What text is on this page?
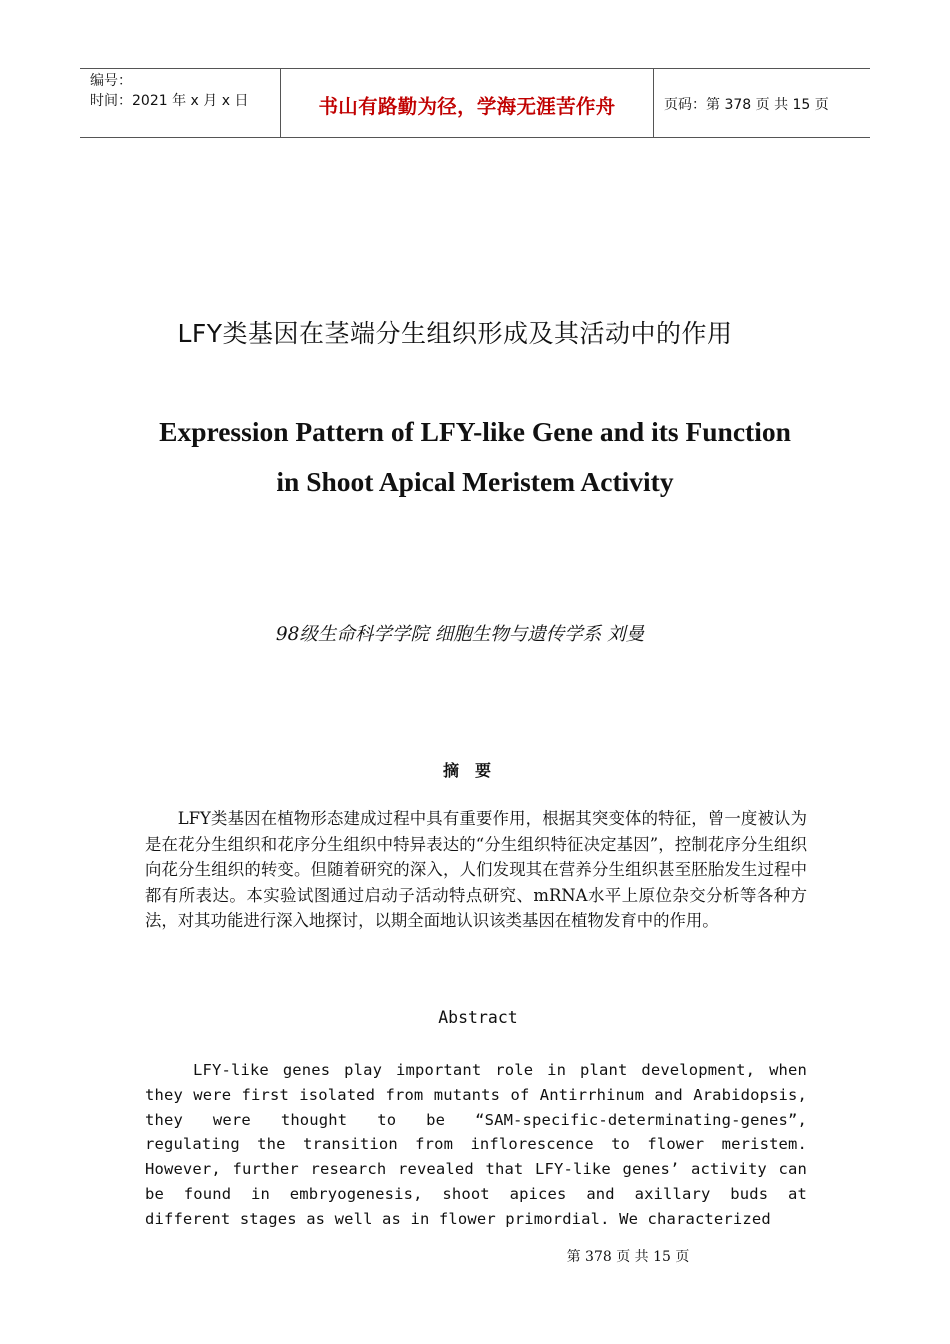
编号：
时间：2021 年 x 月 x 日	书山有路勤为径，学海无涯苦作舟	页码：第 378 页 共 15 页
LFY类基因在茎端分生组织形成及其活动中的作用
Expression Pattern of LFY-like Gene and its Function
in Shoot Apical Meristem Activity
98级生命科学学院 细胞生物与遗传学系 刘曼
摘要

LFY类基因在植物形态建成过程中具有重要作用，根据其突变体的特征，曾一度被认为是在花分生组织和花序分生组织中特异表达的“分生组织特征决定基因”，控制花序分生组织向花分生组织的转变。但随着研究的深入，人们发现其在营养分生组织甚至胚胎发生过程中都有所表达。本实验试图通过启动子活动特点研究、mRNA水平上原位杂交分析等各种方法，对其功能进行深入地探讨，以期全面地认识该类基因在植物发育中的作用。

Abstract

LFY-like genes play important role in plant development, when they were first isolated from mutants of Antirrhinum and Arabidopsis, they were thought to be “SAM-specific-determinating-genes”, regulating the transition from inflorescence to flower meristem. However, further research revealed that LFY-like genes’ activity can be found in embryogenesis, shoot apices and axillary buds at different stages as well as in flower primordial. We characterized

第 378 页 共 15 页
